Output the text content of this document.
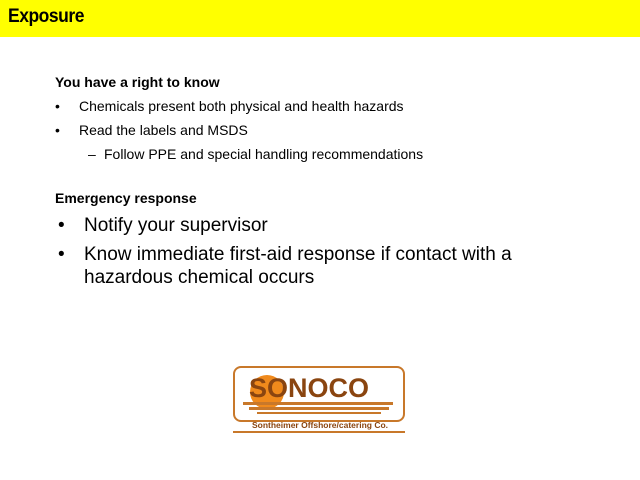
Exposure
You have a right to know
• Chemicals present both physical and health hazards
• Read the labels and MSDS
– Follow PPE and special handling recommendations
Emergency response
• Notify your supervisor
• Know immediate first-aid response if contact with a hazardous chemical occurs
SONOCO
Sontheimer Offshore/catering Co.
